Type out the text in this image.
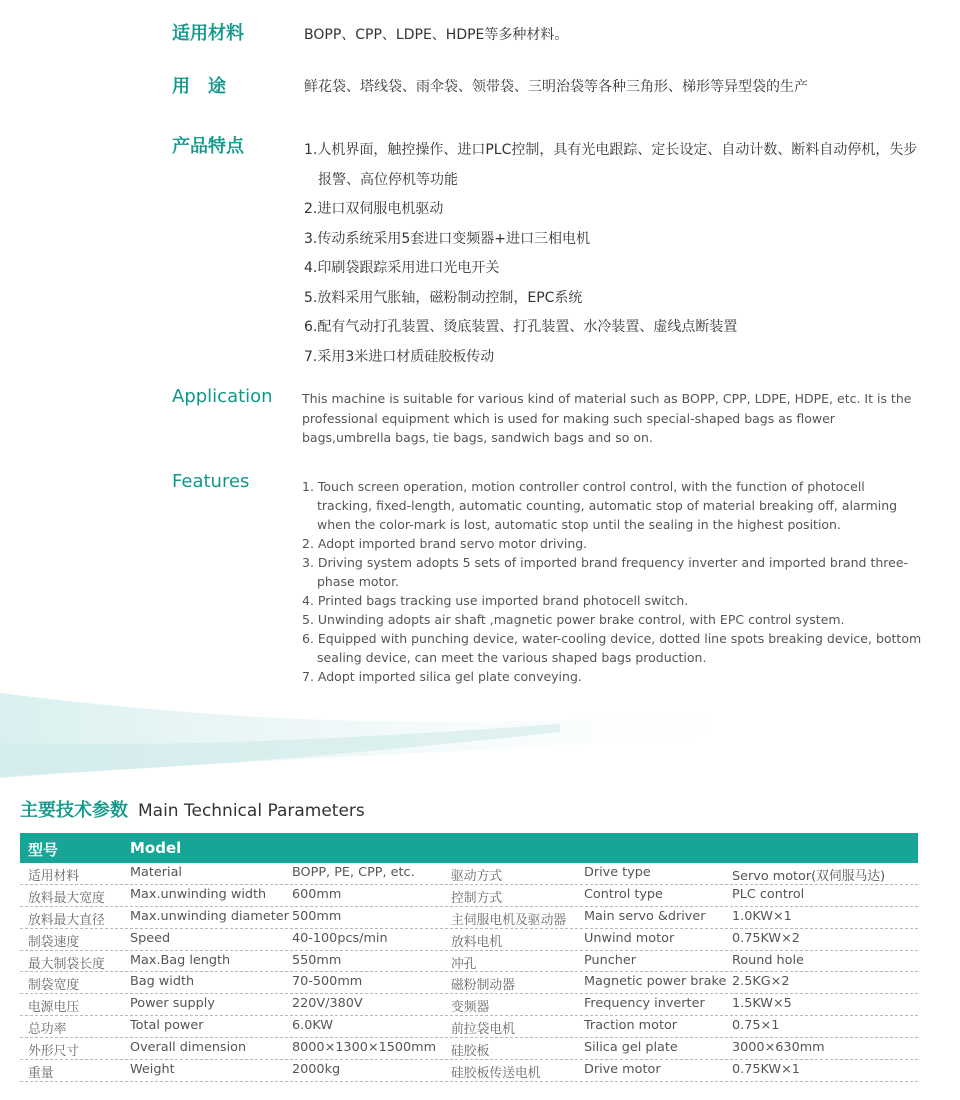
适用材料	BOPP、CPP、LDPE、HDPE等多种材料。
用　途	鲜花袋、塔线袋、雨伞袋、领带袋、三明治袋等各种三角形、梯形等异型袋的生产
产品特点	1.人机界面，触控操作、进口PLC控制，具有光电跟踪、定长设定、自动计数、断料自动停机，失步报警、高位停机等功能
2.进口双伺服电机驱动
3.传动系统采用5套进口变频器+进口三相电机
4.印刷袋跟踪采用进口光电开关
5.放料采用气胀轴，磁粉制动控制，EPC系统
6.配有气动打孔装置、烫底装置、打孔装置、水冷装置、虚线点断装置
7.采用3米进口材质硅胶板传动
Application This machine is suitable for various kind of material such as BOPP, CPP, LDPE, HDPE, etc. It is the professional equipment which is used for making such special-shaped bags as flower bags,umbrella bags, tie bags, sandwich bags and so on.
Features	1. Touch screen operation, motion controller control control, with the function of photocell tracking, fixed-length, automatic counting, automatic stop of material breaking off, alarming when the color-mark is lost, automatic stop until the sealing in the highest position.
2. Adopt imported brand servo motor driving.
3. Driving system adopts 5 sets of imported brand frequency inverter and imported brand three-phase motor.
4. Printed bags tracking use imported brand photocell switch.
5. Unwinding adopts air shaft ,magnetic power brake control, with EPC control system.
6. Equipped with punching device, water-cooling device, dotted line spots breaking device, bottom sealing device, can meet the various shaped bags production.
7. Adopt imported silica gel plate conveying.
主要技术参数 Main Technical Parameters
型号	Model
适用材料	Material	BOPP, PE, CPP, etc.	驱动方式	Drive type	Servo motor(双伺服马达)
放料最大宽度 Max.unwinding width 600mm	控制方式	Control type	PLC control
放料最大直径 Max.unwinding diameter 500mm	主伺服电机及驱动器 Main servo &driver 1.0KW×1
制袋速度	Speed	40-100pcs/min	放料电机	Unwind motor	0.75KW×2
最大制袋长度 Max.Bag length	550mm	冲孔	Puncher	Round hole
制袋宽度	Bag width	70-500mm	磁粉制动器	Magnetic power brake 2.5KG×2
电源电压	Power supply	220V/380V	变频器	Frequency inverter 1.5KW×5
总功率	Total power	6.0KW	前拉袋电机	Traction motor	0.75×1
外形尺寸	Overall dimension	8000×1300×1500mm 硅胶板	Silica gel plate	3000×630mm
重量	Weight	2000kg	硅胶板传送电机	Drive motor	0.75KW×1
